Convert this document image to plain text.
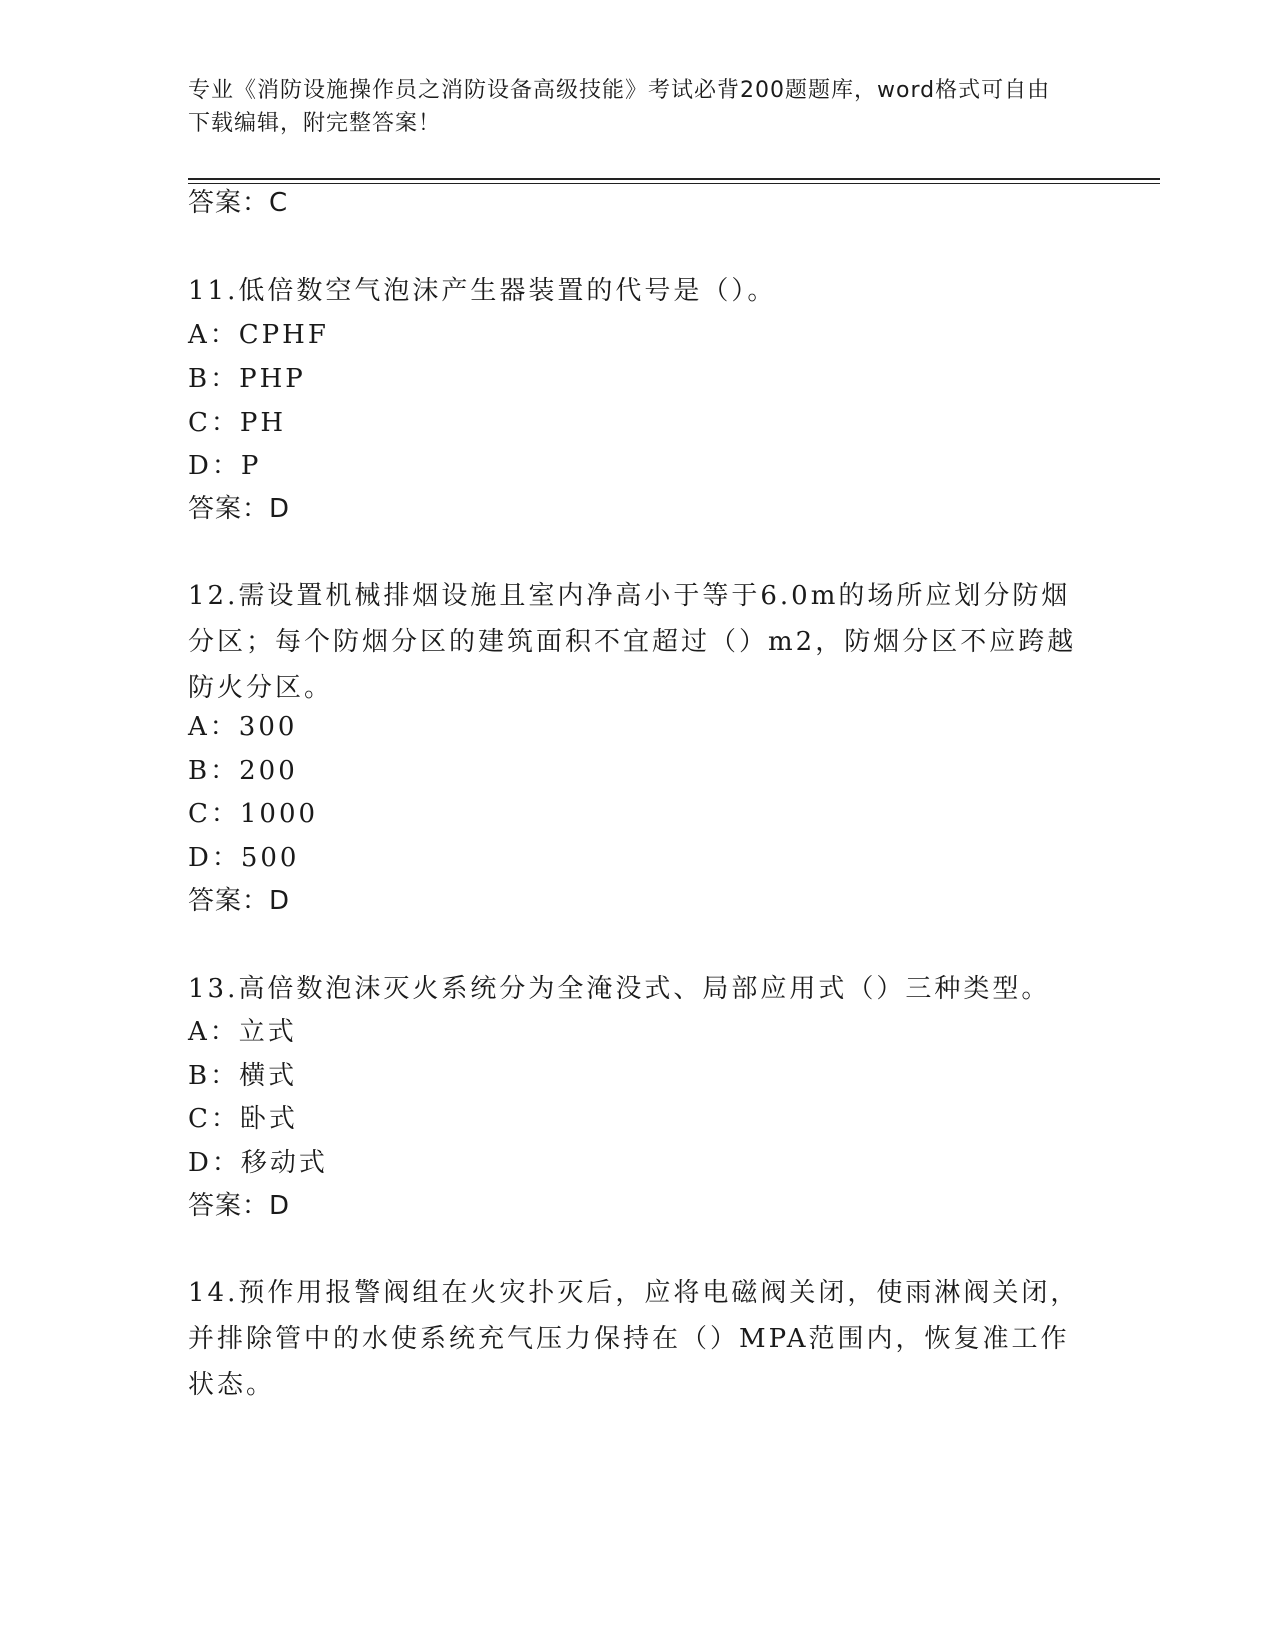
专业《消防设施操作员之消防设备高级技能》考试必背200题题库，word格式可自由下载编辑，附完整答案！

答案：C

11.低倍数空气泡沫产生器装置的代号是（）。

A：CPHF

B：PHP

C：PH

D：P

答案：D

12.需设置机械排烟设施且室内净高小于等于6.0m的场所应划分防烟分区；每个防烟分区的建筑面积不宜超过（）m2，防烟分区不应跨越防火分区。

A：300

B：200

C：1000

D：500

答案：D

13.高倍数泡沫灭火系统分为全淹没式、局部应用式（）三种类型。

A：立式

B：横式

C：卧式

D：移动式

答案：D

14.预作用报警阀组在火灾扑灭后，应将电磁阀关闭，使雨淋阀关闭，并排除管中的水使系统充气压力保持在（）MPA范围内，恢复准工作状态。
